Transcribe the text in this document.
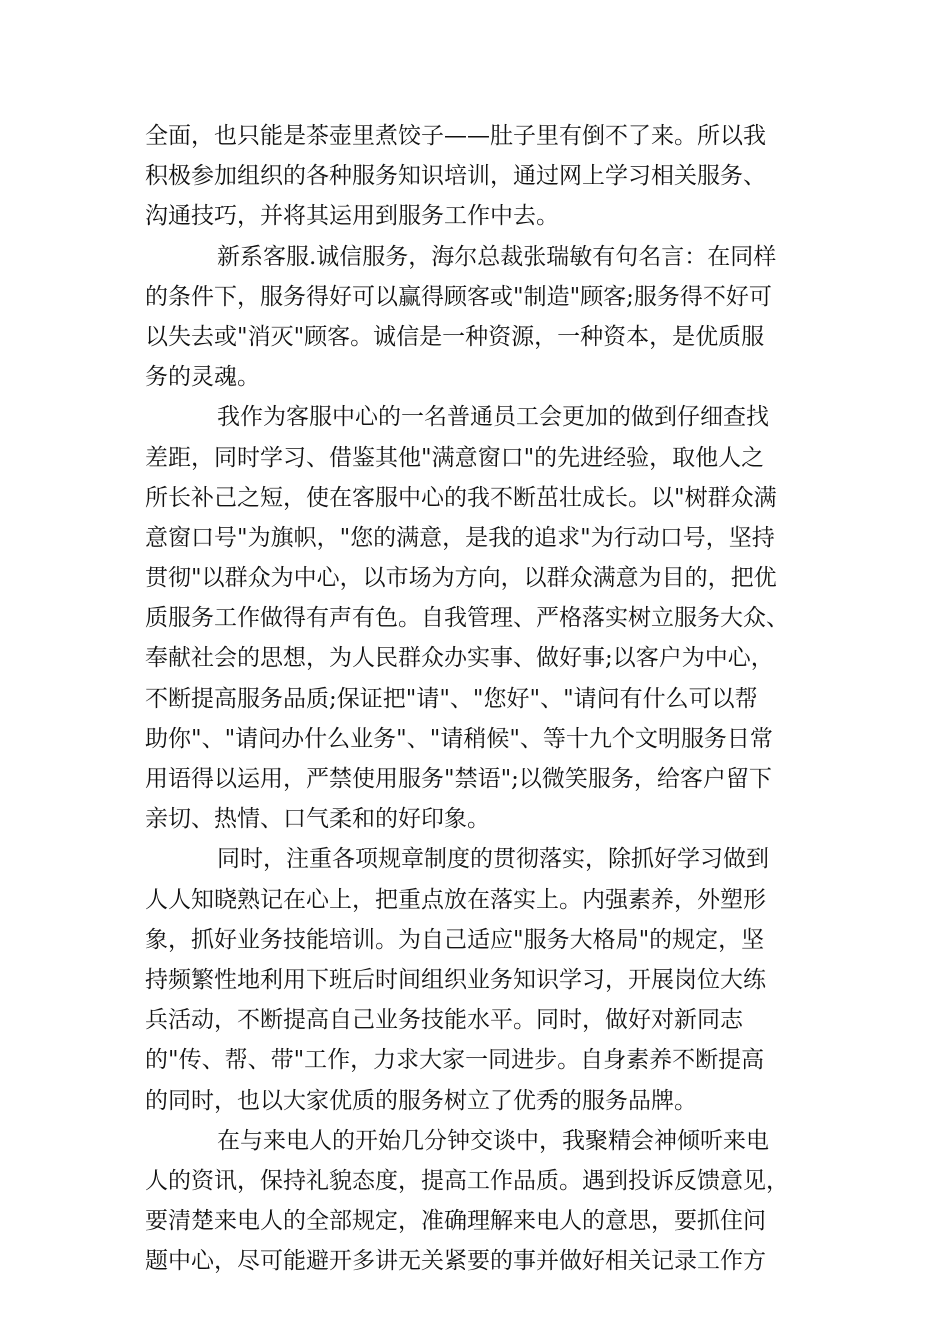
全面，也只能是茶壶里煮饺子——肚子里有倒不了来。所以我
积极参加组织的各种服务知识培训，通过网上学习相关服务、
沟通技巧，并将其运用到服务工作中去。
新系客服.诚信服务，海尔总裁张瑞敏有句名言：在同样
的条件下，服务得好可以赢得顾客或"制造"顾客;服务得不好可
以失去或"消灭"顾客。诚信是一种资源，一种资本，是优质服
务的灵魂。
我作为客服中心的一名普通员工会更加的做到仔细查找
差距，同时学习、借鉴其他"满意窗口"的先进经验，取他人之
所长补己之短，使在客服中心的我不断茁壮成长。以"树群众满
意窗口号"为旗帜，"您的满意，是我的追求"为行动口号，坚持
贯彻"以群众为中心，以市场为方向，以群众满意为目的，把优
质服务工作做得有声有色。自我管理、严格落实树立服务大众、
奉献社会的思想，为人民群众办实事、做好事;以客户为中心，
不断提高服务品质;保证把"请"、"您好"、"请问有什么可以帮
助你"、"请问办什么业务"、"请稍候"、等十九个文明服务日常
用语得以运用，严禁使用服务"禁语";以微笑服务，给客户留下
亲切、热情、口气柔和的好印象。
同时，注重各项规章制度的贯彻落实，除抓好学习做到
人人知晓熟记在心上，把重点放在落实上。内强素养，外塑形
象，抓好业务技能培训。为自己适应"服务大格局"的规定，坚
持频繁性地利用下班后时间组织业务知识学习，开展岗位大练
兵活动，不断提高自己业务技能水平。同时，做好对新同志
的"传、帮、带"工作，力求大家一同进步。自身素养不断提高
的同时，也以大家优质的服务树立了优秀的服务品牌。
在与来电人的开始几分钟交谈中，我聚精会神倾听来电
人的资讯，保持礼貌态度，提高工作品质。遇到投诉反馈意见，
要清楚来电人的全部规定，准确理解来电人的意思，要抓住问
题中心，尽可能避开多讲无关紧要的事并做好相关记录工作方
